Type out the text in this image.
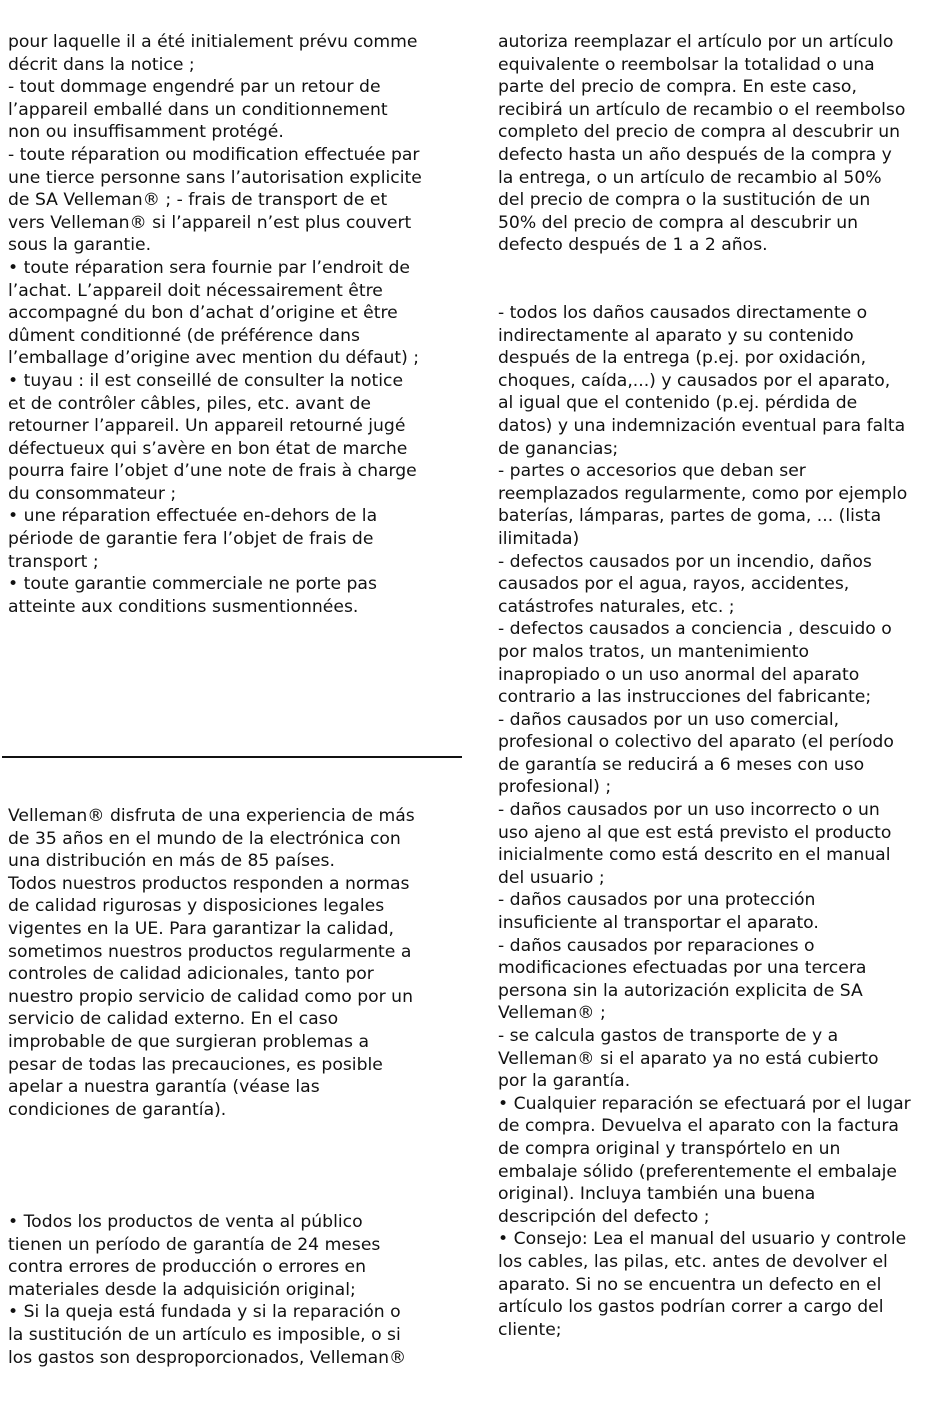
pour laquelle il a été initialement prévu comme
décrit dans la notice ;
- tout dommage engendré par un retour de
l’appareil emballé dans un conditionnement
non ou insuffisamment protégé.
- toute réparation ou modification effectuée par
une tierce personne sans l’autorisation explicite
de SA Velleman® ; - frais de transport de et
vers Velleman® si l’appareil n’est plus couvert
sous la garantie.
• toute réparation sera fournie par l’endroit de
l’achat. L’appareil doit nécessairement être
accompagné du bon d’achat d’origine et être
dûment conditionné (de préférence dans
l’emballage d’origine avec mention du défaut) ;
• tuyau : il est conseillé de consulter la notice
et de contrôler câbles, piles, etc. avant de
retourner l’appareil. Un appareil retourné jugé
défectueux qui s’avère en bon état de marche
pourra faire l’objet d’une note de frais à charge
du consommateur ;
• une réparation effectuée en-dehors de la
période de garantie fera l’objet de frais de
transport ;
• toute garantie commerciale ne porte pas
atteinte aux conditions susmentionnées.
Velleman® disfruta de una experiencia de más
de 35 años en el mundo de la electrónica con
una distribución en más de 85 países.
Todos nuestros productos responden a normas
de calidad rigurosas y disposiciones legales
vigentes en la UE. Para garantizar la calidad,
sometimos nuestros productos regularmente a
controles de calidad adicionales, tanto por
nuestro propio servicio de calidad como por un
servicio de calidad externo. En el caso
improbable de que surgieran problemas a
pesar de todas las precauciones, es posible
apelar a nuestra garantía (véase las
condiciones de garantía).
• Todos los productos de venta al público
tienen un período de garantía de 24 meses
contra errores de producción o errores en
materiales desde la adquisición original;
• Si la queja está fundada y si la reparación o
la sustitución de un artículo es imposible, o si
los gastos son desproporcionados, Velleman®
autoriza reemplazar el artículo por un artículo
equivalente o reembolsar la totalidad o una
parte del precio de compra. En este caso,
recibirá un artículo de recambio o el reembolso
completo del precio de compra al descubrir un
defecto hasta un año después de la compra y
la entrega, o un artículo de recambio al 50%
del precio de compra o la sustitución de un
50% del precio de compra al descubrir un
defecto después de 1 a 2 años.
- todos los daños causados directamente o
indirectamente al aparato y su contenido
después de la entrega (p.ej. por oxidación,
choques, caída,...) y causados por el aparato,
al igual que el contenido (p.ej. pérdida de
datos) y una indemnización eventual para falta
de ganancias;
- partes o accesorios que deban ser
reemplazados regularmente, como por ejemplo
baterías, lámparas, partes de goma, ... (lista
ilimitada)
- defectos causados por un incendio, daños
causados por el agua, rayos, accidentes,
catástrofes naturales, etc. ;
- defectos causados a conciencia , descuido o
por malos tratos, un mantenimiento
inapropiado o un uso anormal del aparato
contrario a las instrucciones del fabricante;
- daños causados por un uso comercial,
profesional o colectivo del aparato (el período
de garantía se reducirá a 6 meses con uso
profesional) ;
- daños causados por un uso incorrecto o un
uso ajeno al que est está previsto el producto
inicialmente como está descrito en el manual
del usuario ;
- daños causados por una protección
insuficiente al transportar el aparato.
- daños causados por reparaciones o
modificaciones efectuadas por una tercera
persona sin la autorización explicita de SA
Velleman® ;
- se calcula gastos de transporte de y a
Velleman® si el aparato ya no está cubierto
por la garantía.
• Cualquier reparación se efectuará por el lugar
de compra. Devuelva el aparato con la factura
de compra original y transpórtelo en un
embalaje sólido (preferentemente el embalaje
original). Incluya también una buena
descripción del defecto ;
• Consejo: Lea el manual del usuario y controle
los cables, las pilas, etc. antes de devolver el
aparato. Si no se encuentra un defecto en el
artículo los gastos podrían correr a cargo del
cliente;
